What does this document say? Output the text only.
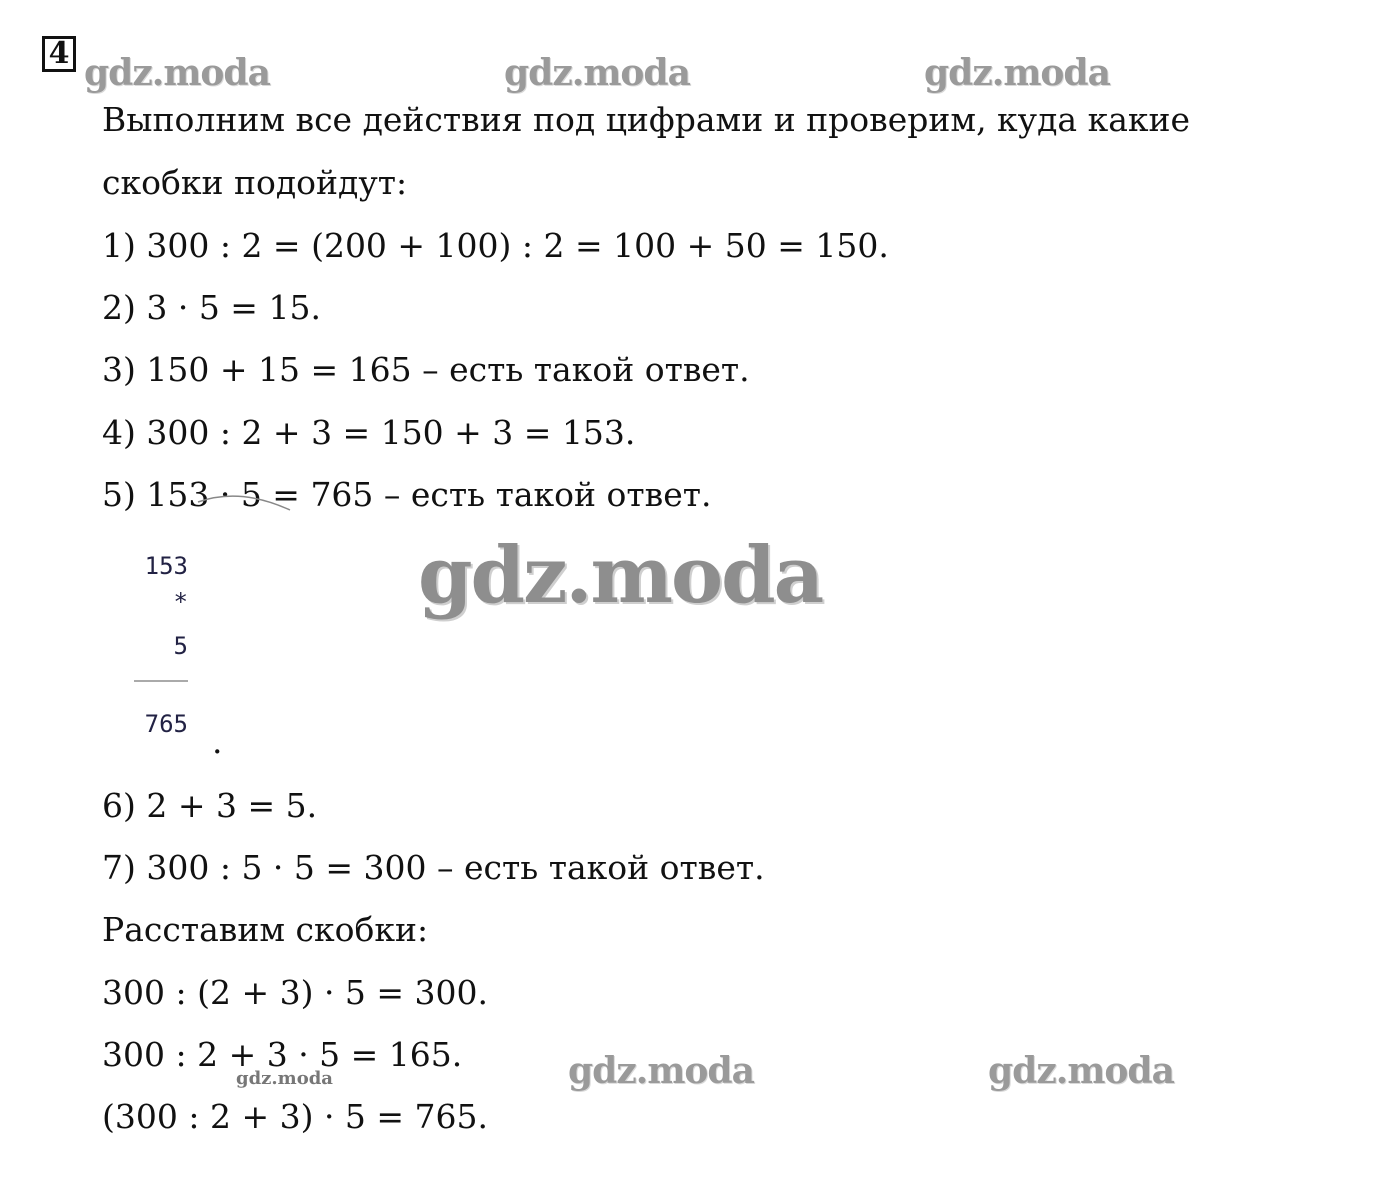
4 gdz.moda	gdz.moda	gdz.moda
Выполним все действия под цифрами и проверим, куда какие
скобки подойдут:
1) 300 : 2 = (200 + 100) : 2 = 100 + 50 = 150.
2) 3 · 5 = 15.
3) 150 + 15 = 165 – есть такой ответ.
4) 300 : 2 + 3 = 150 + 3 = 153.
5) 153 · 5 = 765 – есть такой ответ.
153
*
5
765 .
gdz.moda
6) 2 + 3 = 5.
7) 300 : 5 · 5 = 300 – есть такой ответ.
Расставим скобки:
300 : (2 + 3) · 5 = 300.
300 : 2 + 3 · 5 = 165.
(300 : 2 + 3) · 5 = 765.
gdz.moda	gdz.moda	gdz.moda
